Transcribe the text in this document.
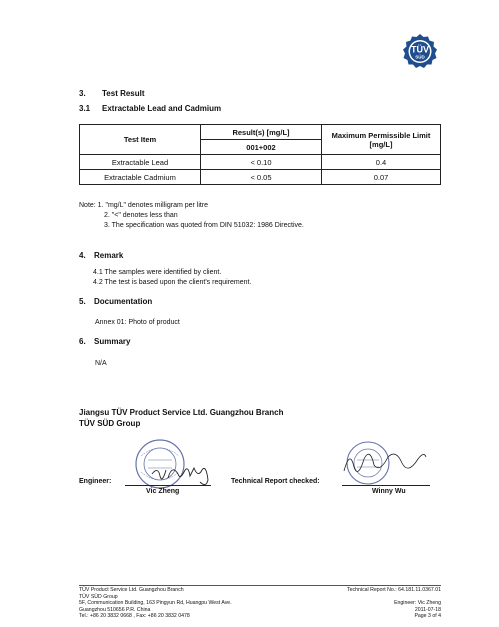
TÜV
SÜD
3. Test Result
3.1 Extractable Lead and Cadmium
Test Item	Result(s) [mg/L]	Maximum Permissible Limit [mg/L]
	001+002	
Extractable Lead	< 0.10	0.4
Extractable Cadmium	< 0.05	0.07
Note: 1. "mg/L" denotes milligram per litre
2. "<" denotes less than
3. The specification was quoted from DIN 51032: 1986 Directive.
4. Remark
4.1 The samples were identified by client.
4.2 The test is based upon the client's requirement.
5. Documentation
Annex 01: Photo of product
6. Summary
N/A
Jiangsu TÜV Product Service Ltd. Guangzhou Branch
TÜV SÜD Group
Engineer:
Vic Zheng
Technical Report checked:
Winny Wu
TÜV Product Service Ltd. Guangzhou Branch
TÜV SÜD Group
5F, Communication Building, 163 Pingyun Rd, Huangpu West Ave.
Guangzhou 510656 P.R. China
Tel.: +86 20 3832 0668 , Fax: +86 20 3832 0478
Technical Report No.: 64.181.11.0367.01
Engineer: Vic Zheng
2011-07-18
Page 3 of 4
